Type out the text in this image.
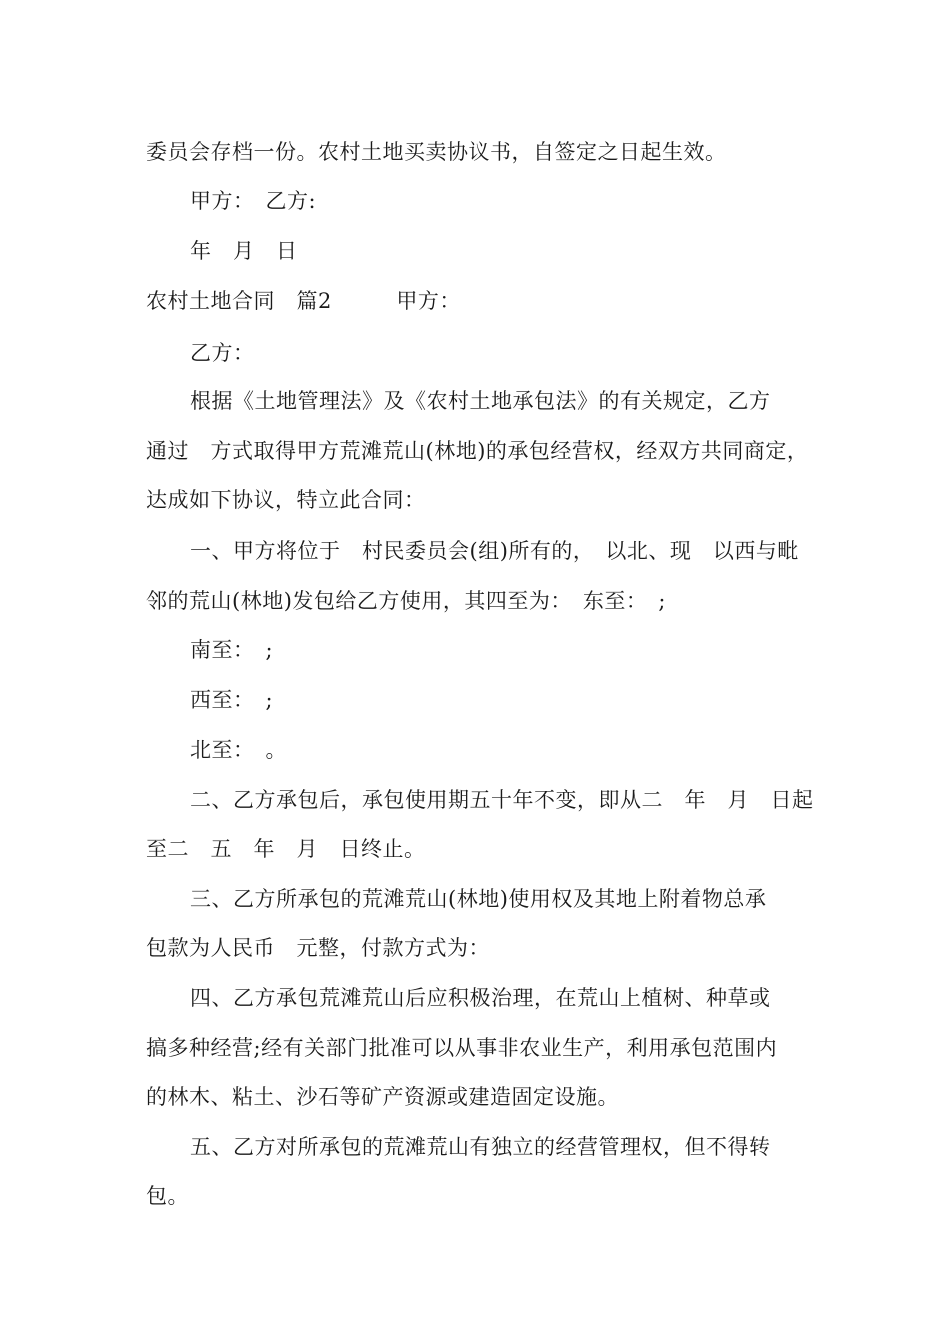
委员会存档一份。农村土地买卖协议书，自签定之日起生效。
甲方：　乙方:
年　月　日
农村土地合同　篇2　　　甲方：
乙方：
根据《土地管理法》及《农村土地承包法》的有关规定，乙方
通过　方式取得甲方荒滩荒山(林地)的承包经营权，经双方共同商定，
达成如下协议，特立此合同：
一、甲方将位于　村民委员会(组)所有的，　以北、现　以西与毗
邻的荒山(林地)发包给乙方使用，其四至为：　东至：　;
南至：　;
西至：　;
北至：　。
二、乙方承包后，承包使用期五十年不变，即从二　年　月　日起
至二　五　年　月　日终止。
三、乙方所承包的荒滩荒山(林地)使用权及其地上附着物总承
包款为人民币　元整，付款方式为：
四、乙方承包荒滩荒山后应积极治理，在荒山上植树、种草或
搞多种经营;经有关部门批准可以从事非农业生产，利用承包范围内
的林木、粘土、沙石等矿产资源或建造固定设施。
五、乙方对所承包的荒滩荒山有独立的经营管理权，但不得转
包。
